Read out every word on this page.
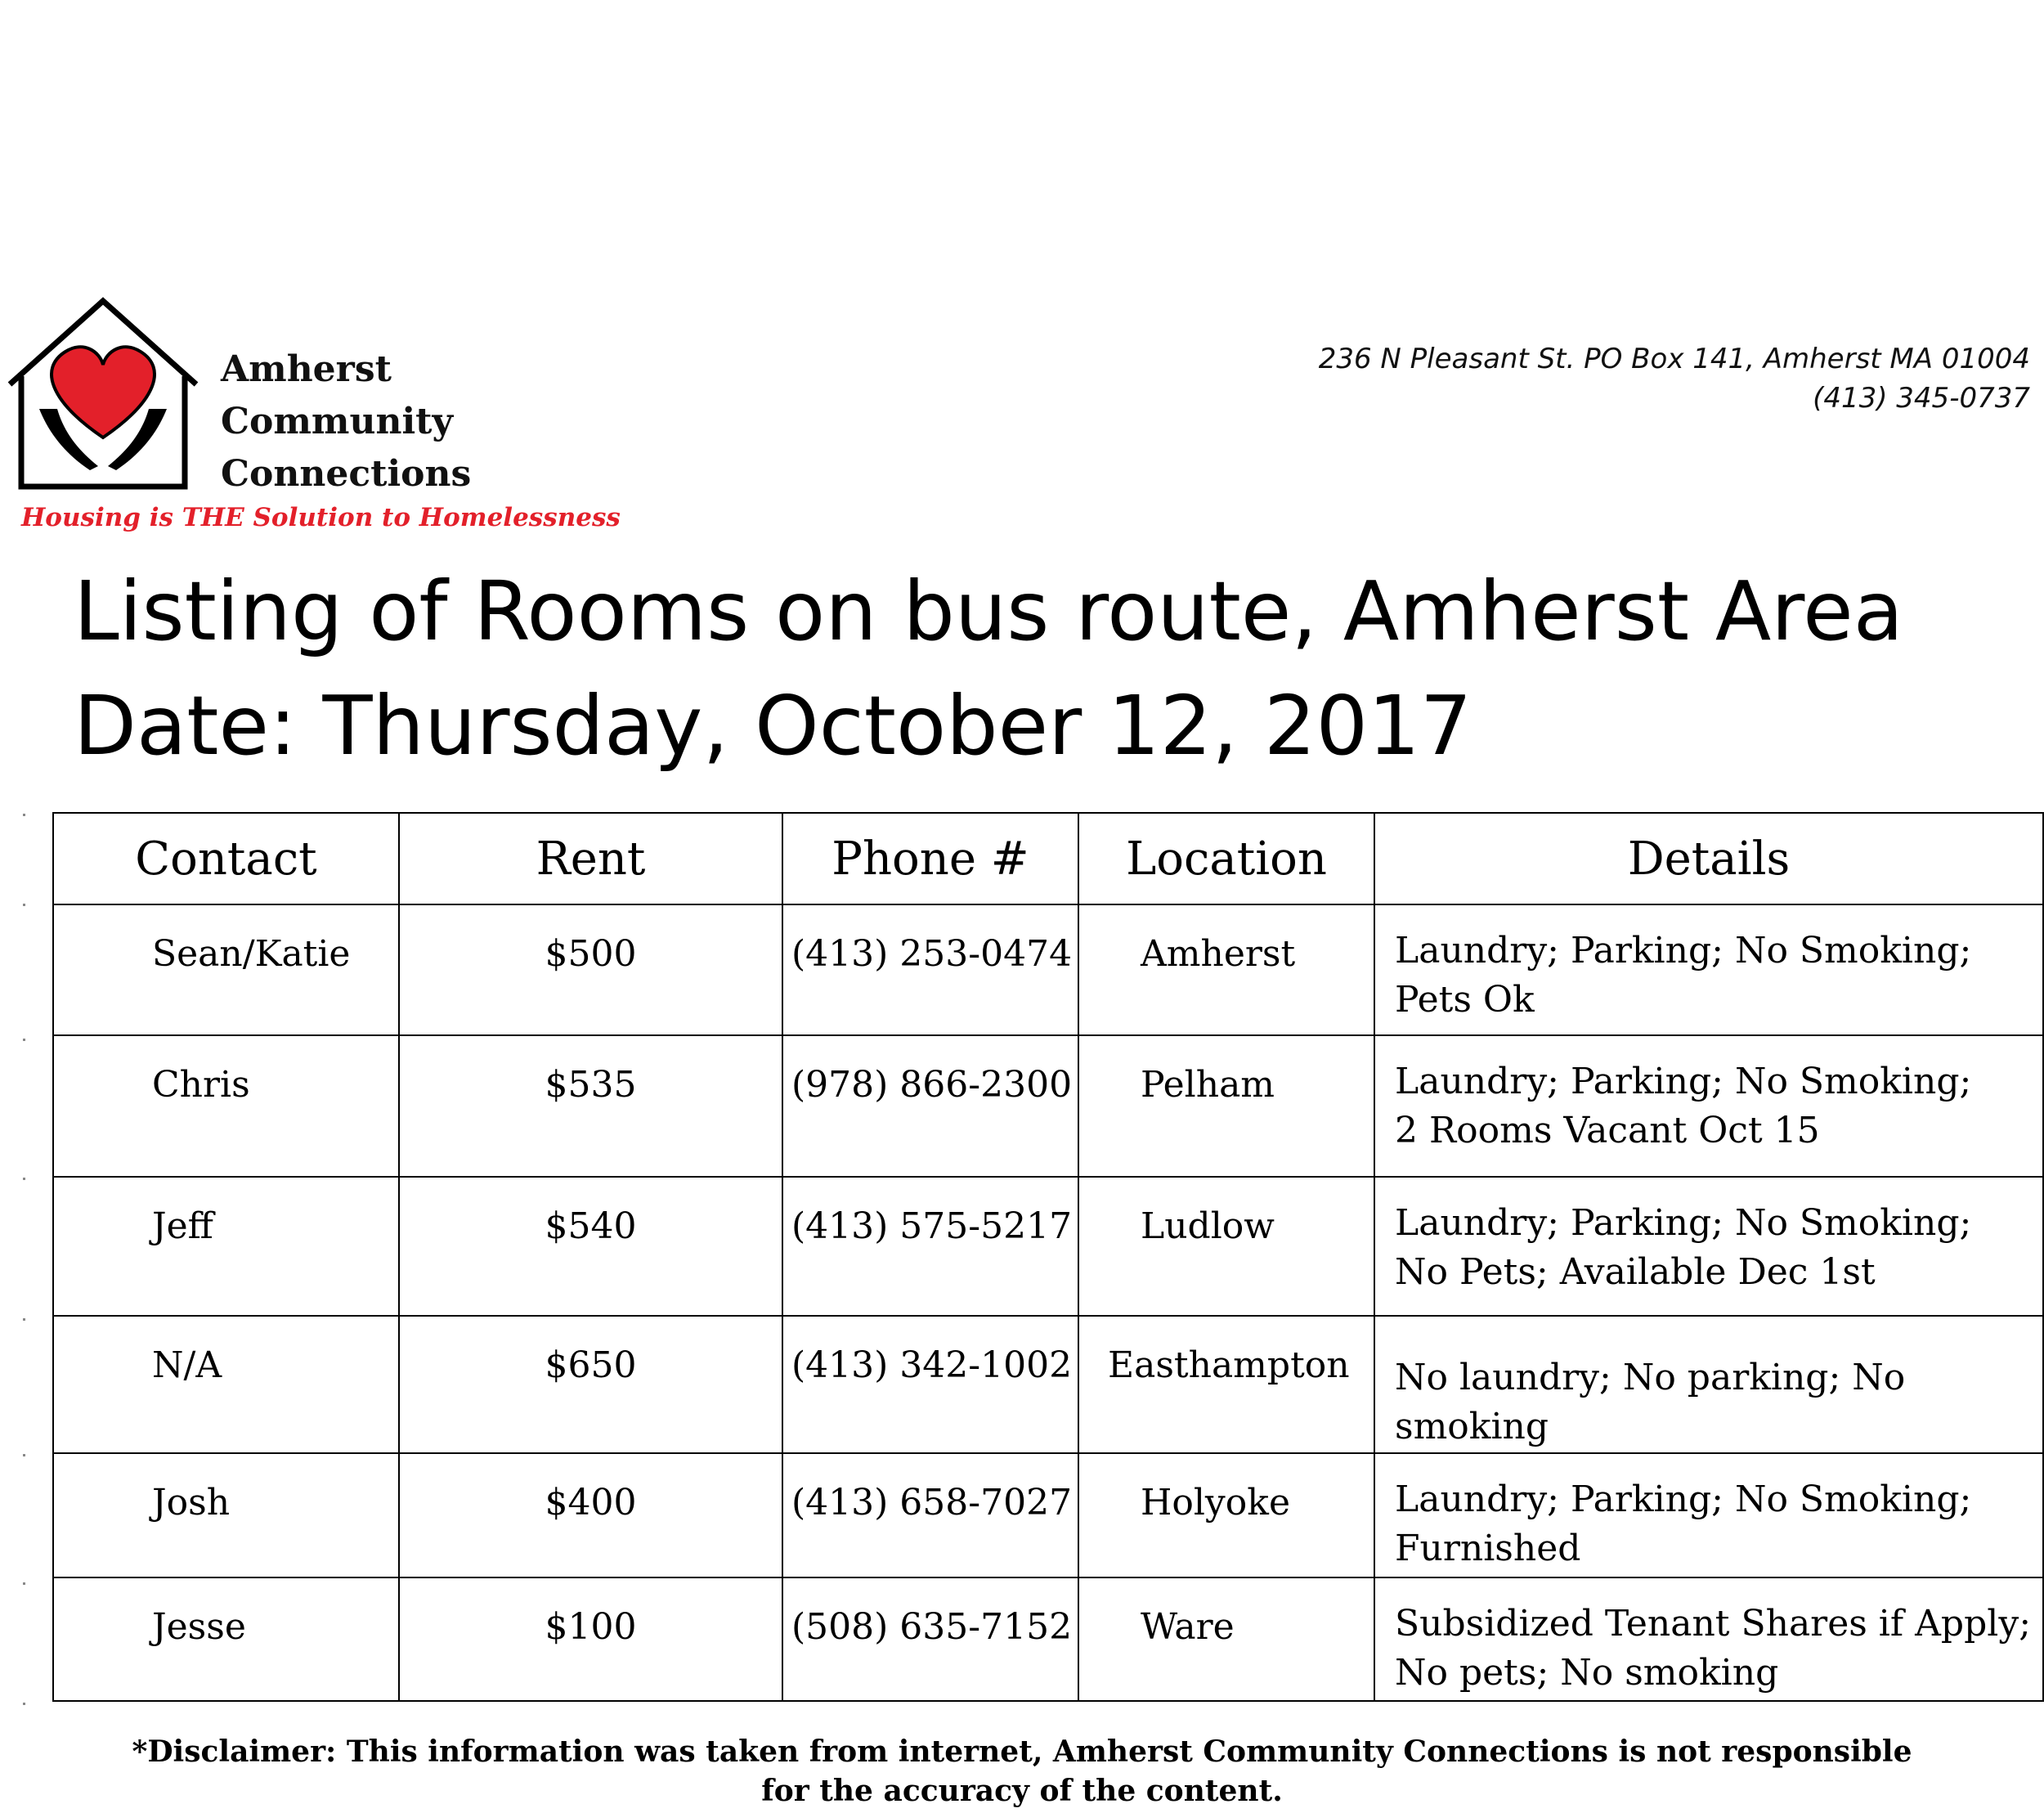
Amherst
Community
Connections
Housing is THE Solution to Homelessness
236 N Pleasant St. PO Box 141, Amherst MA 01004
(413) 345-0737
Listing of Rooms on bus route, Amherst Area
Date: Thursday, October 12, 2017
Contact	Rent	Phone #	Location	Details
Sean/Katie	$500	(413) 253-0474	Amherst	Laundry; Parking; No Smoking;
Pets Ok

Chris	$535	(978) 866-2300	Pelham	Laundry; Parking; No Smoking;
2 Rooms Vacant Oct 15

Jeff	$540	(413) 575-5217	Ludlow	Laundry; Parking; No Smoking;
No Pets; Available Dec 1st

N/A	$650	(413) 342-1002	Easthampton	No laundry; No parking; No smoking

Josh	$400	(413) 658-7027	Holyoke	Laundry; Parking; No Smoking;
Furnished

Jesse	$100	(508) 635-7152	Ware	Subsidized Tenant Shares if Apply;
No pets; No smoking
*Disclaimer: This information was taken from internet, Amherst Community Connections is not responsible
for the accuracy of the content.
